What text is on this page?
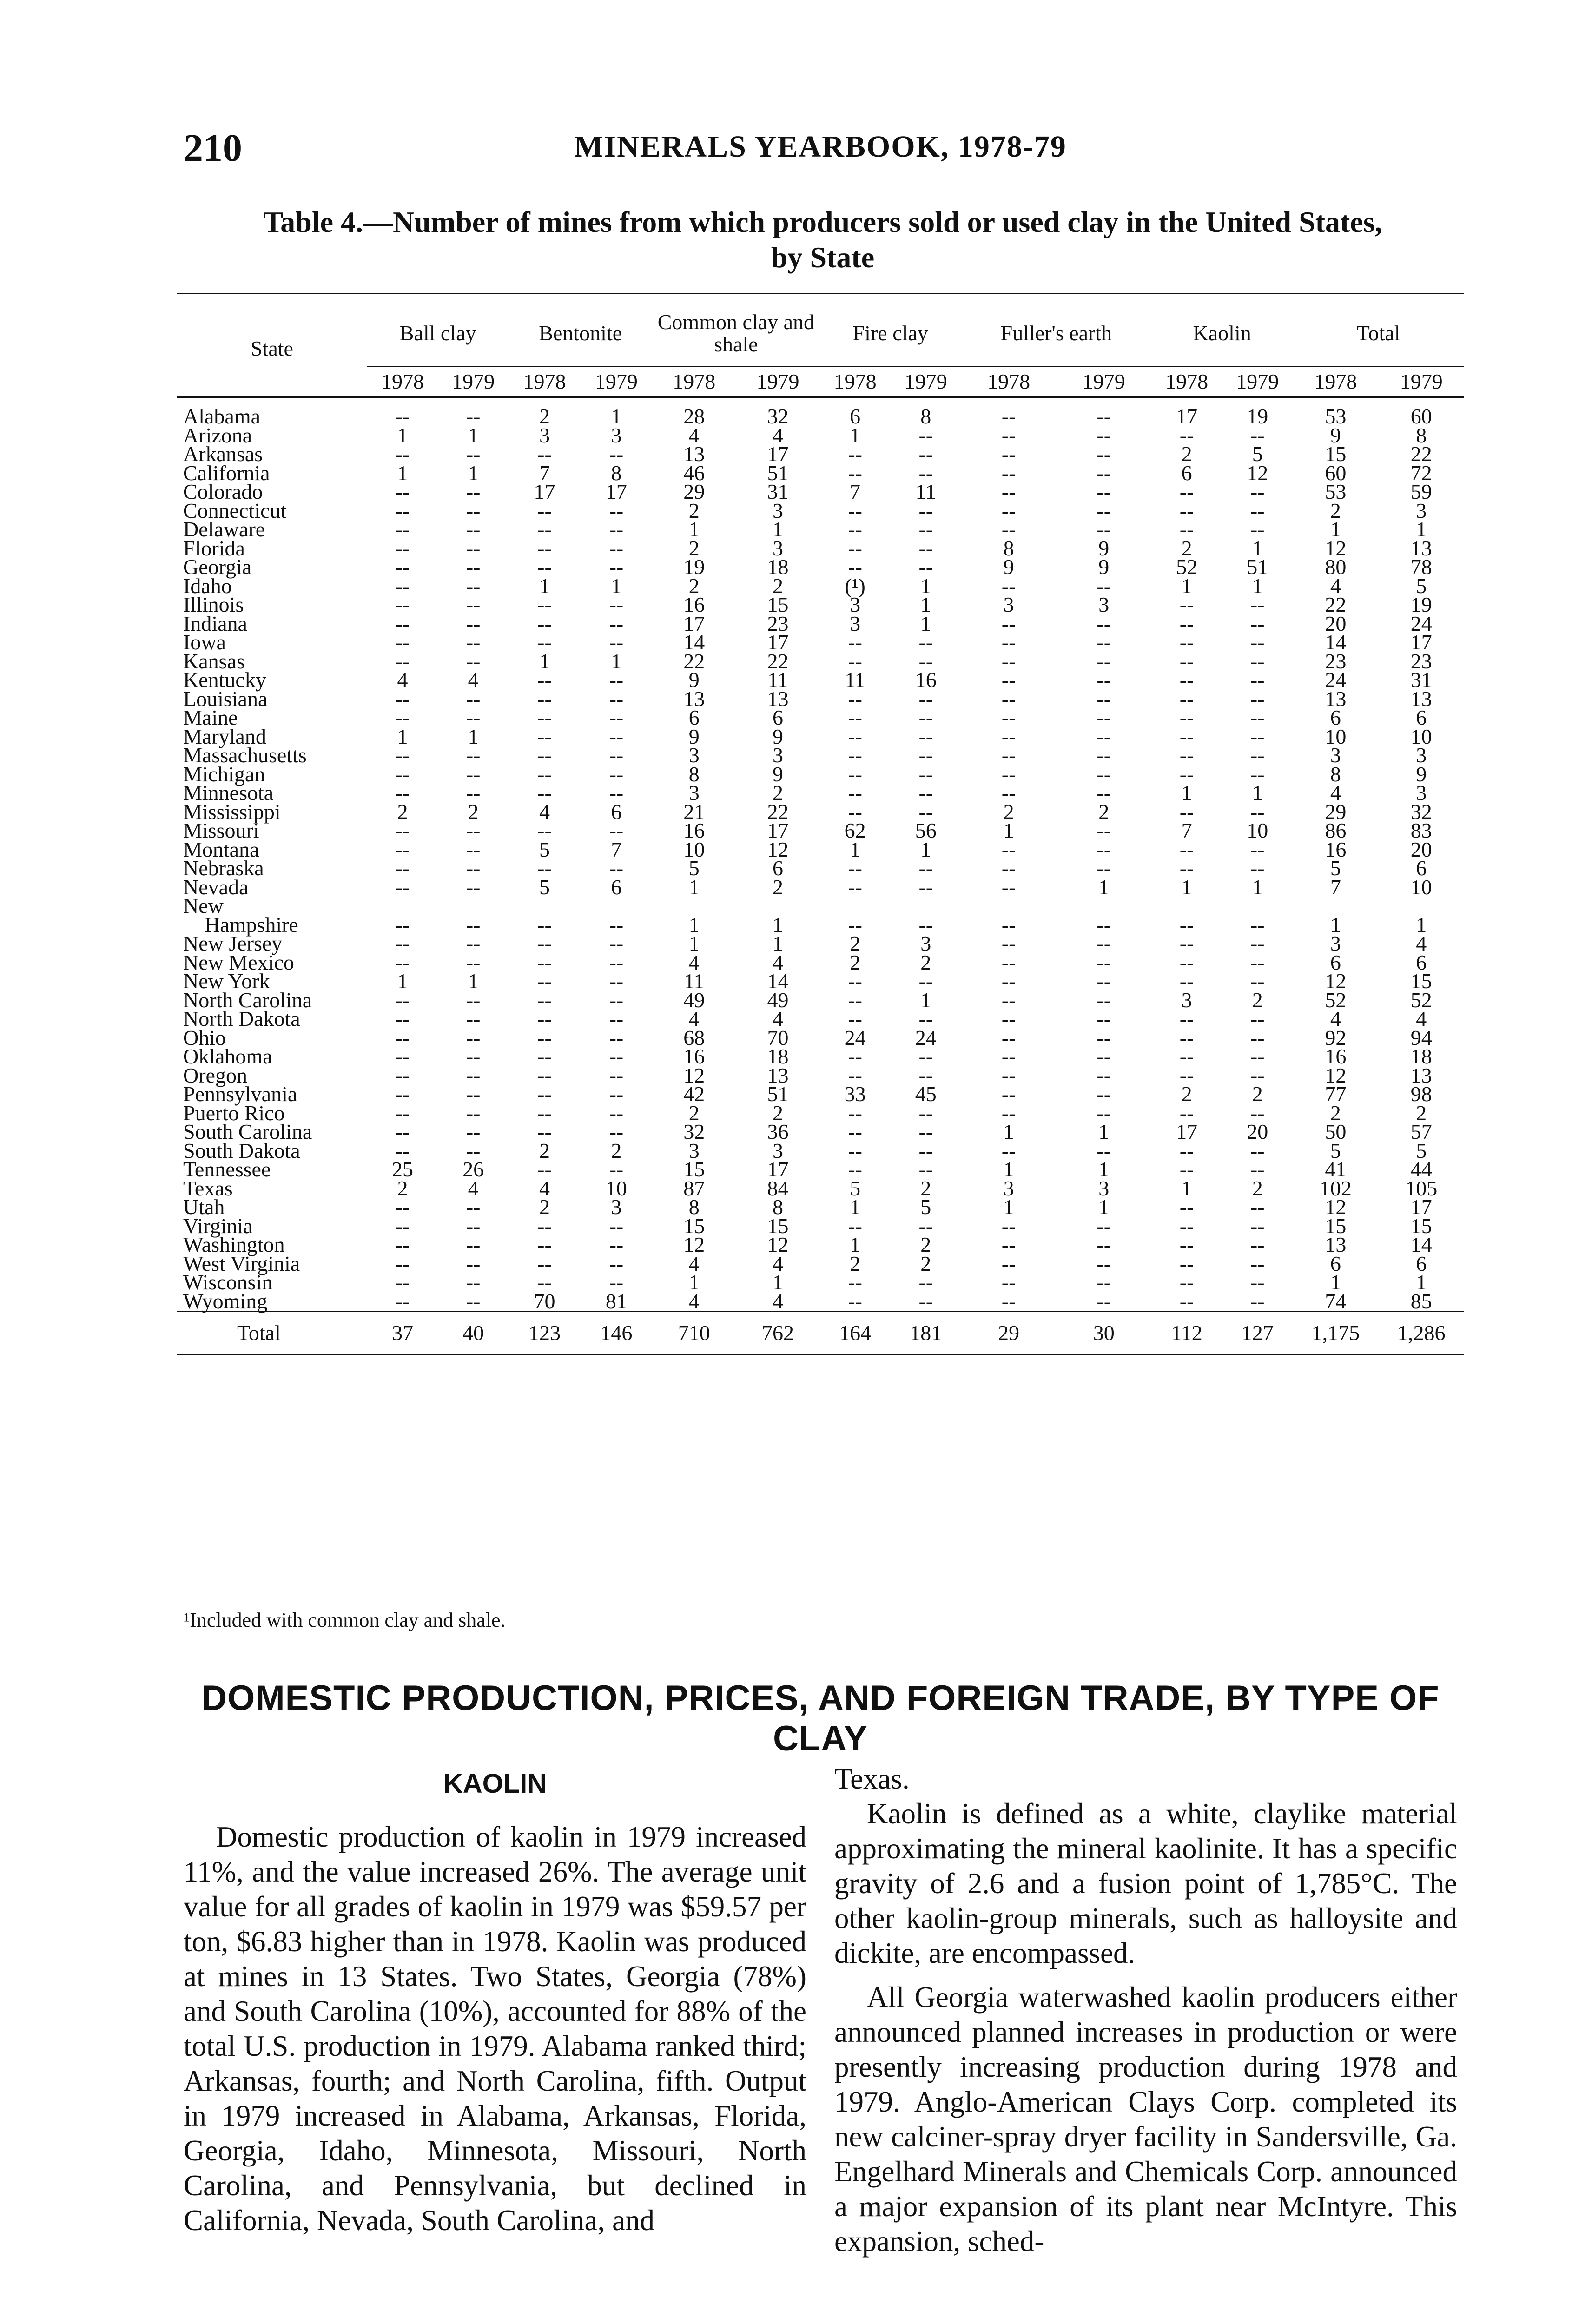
210	MINERALS YEARBOOK, 1978-79
Table 4.—Number of mines from which producers sold or used clay in the United States,
by State
State	Ball clay		Bentonite		Common clay and shale		Fire clay		Fuller's earth		Kaolin		Total	
	1978	1979	1978	1979	1978	1979	1978	1979	1978	1979	1978	1979	1978	1979
Alabama	--	--	2	1	28	32	6	8	--	--	17	19	53	60
Arizona	1	1	3	3	4	4	1	--	--	--	--	--	9	8
Arkansas	--	--	--	--	13	17	--	--	--	--	2	5	15	22
California	1	1	7	8	46	51	--	--	--	--	6	12	60	72
Colorado	--	--	17	17	29	31	7	11	--	--	--	--	53	59
Connecticut	--	--	--	--	2	3	--	--	--	--	--	--	2	3
Delaware	--	--	--	--	1	1	--	--	--	--	--	--	1	1
Florida	--	--	--	--	2	3	--	--	8	9	2	1	12	13
Georgia	--	--	--	--	19	18	--	--	9	9	52	51	80	78
Idaho	--	--	1	1	2	2	(¹)	1	--	--	1	1	4	5
Illinois	--	--	--	--	16	15	3	1	3	3	--	--	22	19
Indiana	--	--	--	--	17	23	3	1	--	--	--	--	20	24
Iowa	--	--	--	--	14	17	--	--	--	--	--	--	14	17
Kansas	--	--	1	1	22	22	--	--	--	--	--	--	23	23
Kentucky	4	4	--	--	9	11	11	16	--	--	--	--	24	31
Louisiana	--	--	--	--	13	13	--	--	--	--	--	--	13	13
Maine	--	--	--	--	6	6	--	--	--	--	--	--	6	6
Maryland	1	1	--	--	9	9	--	--	--	--	--	--	10	10
Massachusetts	--	--	--	--	3	3	--	--	--	--	--	--	3	3
Michigan	--	--	--	--	8	9	--	--	--	--	--	--	8	9
Minnesota	--	--	--	--	3	2	--	--	--	--	1	1	4	3
Mississippi	2	2	4	6	21	22	--	--	2	2	--	--	29	32
Missouri	--	--	--	--	16	17	62	56	1	--	7	10	86	83
Montana	--	--	5	7	10	12	1	1	--	--	--	--	16	20
Nebraska	--	--	--	--	5	6	--	--	--	--	--	--	5	6
Nevada	--	--	5	6	1	2	--	--	--	1	1	1	7	10
New														
Hampshire	--	--	--	--	1	1	--	--	--	--	--	--	1	1
New Jersey	--	--	--	--	1	1	2	3	--	--	--	--	3	4
New Mexico	--	--	--	--	4	4	2	2	--	--	--	--	6	6
New York	1	1	--	--	11	14	--	--	--	--	--	--	12	15
North Carolina	--	--	--	--	49	49	--	1	--	--	3	2	52	52
North Dakota	--	--	--	--	4	4	--	--	--	--	--	--	4	4
Ohio	--	--	--	--	68	70	24	24	--	--	--	--	92	94
Oklahoma	--	--	--	--	16	18	--	--	--	--	--	--	16	18
Oregon	--	--	--	--	12	13	--	--	--	--	--	--	12	13
Pennsylvania	--	--	--	--	42	51	33	45	--	--	2	2	77	98
Puerto Rico	--	--	--	--	2	2	--	--	--	--	--	--	2	2
South Carolina	--	--	--	--	32	36	--	--	1	1	17	20	50	57
South Dakota	--	--	2	2	3	3	--	--	--	--	--	--	5	5
Tennessee	25	26	--	--	15	17	--	--	1	1	--	--	41	44
Texas	2	4	4	10	87	84	5	2	3	3	1	2	102	105
Utah	--	--	2	3	8	8	1	5	1	1	--	--	12	17
Virginia	--	--	--	--	15	15	--	--	--	--	--	--	15	15
Washington	--	--	--	--	12	12	1	2	--	--	--	--	13	14
West Virginia	--	--	--	--	4	4	2	2	--	--	--	--	6	6
Wisconsin	--	--	--	--	1	1	--	--	--	--	--	--	1	1
Wyoming	--	--	70	81	4	4	--	--	--	--	--	--	74	85
Total	37	40	123	146	710	762	164	181	29	30	112	127	1,175	1,286
¹Included with common clay and shale.
DOMESTIC PRODUCTION, PRICES, AND FOREIGN TRADE, BY TYPE OF CLAY
KAOLIN

Domestic production of kaolin in 1979 increased 11%, and the value increased 26%. The average unit value for all grades of kaolin in 1979 was $59.57 per ton, $6.83 higher than in 1978. Kaolin was produced at mines in 13 States. Two States, Georgia (78%) and South Carolina (10%), accounted for 88% of the total U.S. production in 1979. Alabama ranked third; Arkansas, fourth; and North Carolina, fifth. Output in 1979 increased in Alabama, Arkansas, Florida, Georgia, Idaho, Minnesota, Missouri, North Carolina, and Pennsylvania, but declined in California, Nevada, South Carolina, and

Texas.

Kaolin is defined as a white, claylike material approximating the mineral kaolinite. It has a specific gravity of 2.6 and a fusion point of 1,785°C. The other kaolin-group minerals, such as halloysite and dickite, are encompassed.

All Georgia waterwashed kaolin producers either announced planned increases in production or were presently increasing production during 1978 and 1979. Anglo-American Clays Corp. completed its new calciner-spray dryer facility in Sandersville, Ga. Engelhard Minerals and Chemicals Corp. announced a major expansion of its plant near McIntyre. This expansion, sched-
